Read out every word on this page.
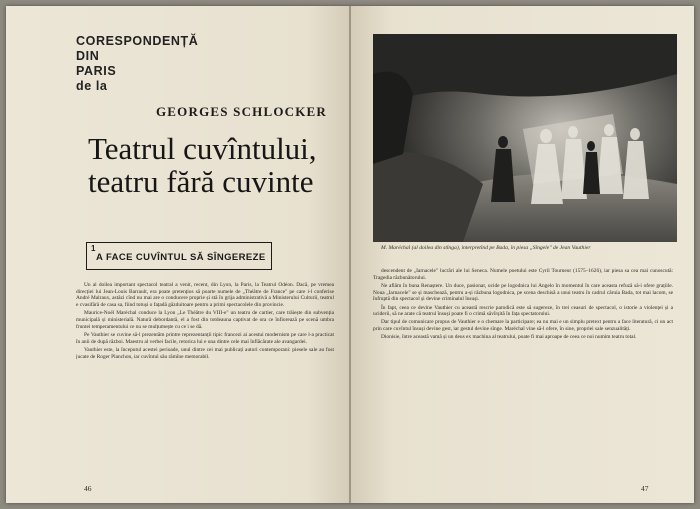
CORESPONDENȚĂ
DIN
PARIS
de la
GEORGES SCHLOCKER
Teatrul cuvîntului,
teatru fără cuvinte
1
A FACE CUVÎNTUL SĂ SÎNGEREZE

Un al doilea important spectacol teatral a venit, recent, din Lyon, la Paris, la Teatrul Odéon. Dacă, pe vremea direcției lui Jean-Louis Barrault, era poate pretențios să poarte numele de „Théâtre de France" pe care i-l conferise André Malraux, astăzi cînd nu mai are o conducere proprie și stă în grija administrativă a Ministerului Culturii, teatrul e cvasifără de casa sa, fiind totuși o fațadă găzduitoare pentru a primi spectacolele din provincie.

Maurice-Noël Maréchal conduce la Lyon „Le Théâtre du VIII-e" un teatru de cartier, care trăiește din subvenția municipală și ministerială. Natură debordantă, el a fost din totdeauna captivat de ora ce înfiorează pe scenă umbra fruntei temperamentului ce nu se mulțumește cu ce i se dă.

Pe Vauthier se cuvine să-l prezentăm printre reprezentanții tipic francezi ai acestui modernism pe care l-a practicat în anii de după război. Maestru al verbei facile, retorica lui e una dintre cele mai înflăcărate ale avangardei.

Vauthier este, la începutul acestei perioade, unul dintre cei mai publicați autori contemporani: piesele sale au fost jucate de Roger Planchon, iar cuvîntul său rămîne memorabil.

46
M. Maréchal (al doilea din stînga), interpretînd pe Bada, în piesa „Sîngele" de Jean Vauthier

descendent de „Iarnacele" lucrări ale lui Seneca. Numele poetului este Cyril Tourneur (1575–1626), iar piesa sa cea mai cunoscută: Tragedia răzbunătorului.

Ne aflăm în buna Renaștere. Un duce, pasionat, ucide pe logodnica lui Angelo în momentul în care aceasta refuză să-i ofere grațiile. Noua „Iarnacele" se și maschează, pentru a-și răzbuna logodnica, pe scena deschisă a unui teatru în cadrul căruia Bada, tot mai lacom, se înfruptă din spectacol și devine criminalul însuși.

În fapt, ceea ce devine Vauthier cu această rescrie parodică este să sugereze, în trei ceasuri de spectacol, o istorie a violenței și a uciderii, să ne arate că teatrul însuși poate fi o crimă săvîrșită în fața spectatorului.

Dar tipul de comunicare propus de Vauthier e o chemare la participare; ea nu mai e un simplu pretext pentru a face literatură, ci un act prin care cuvîntul însuși devine gest, iar gestul devine sînge. Maréchal vine să-l ofere, în sine, propriei sale senzualități.

Dionisie, între această vamă și un deus ex machina al teatrului, poate fi mai aproape de ceea ce noi numim teatru total.

47
